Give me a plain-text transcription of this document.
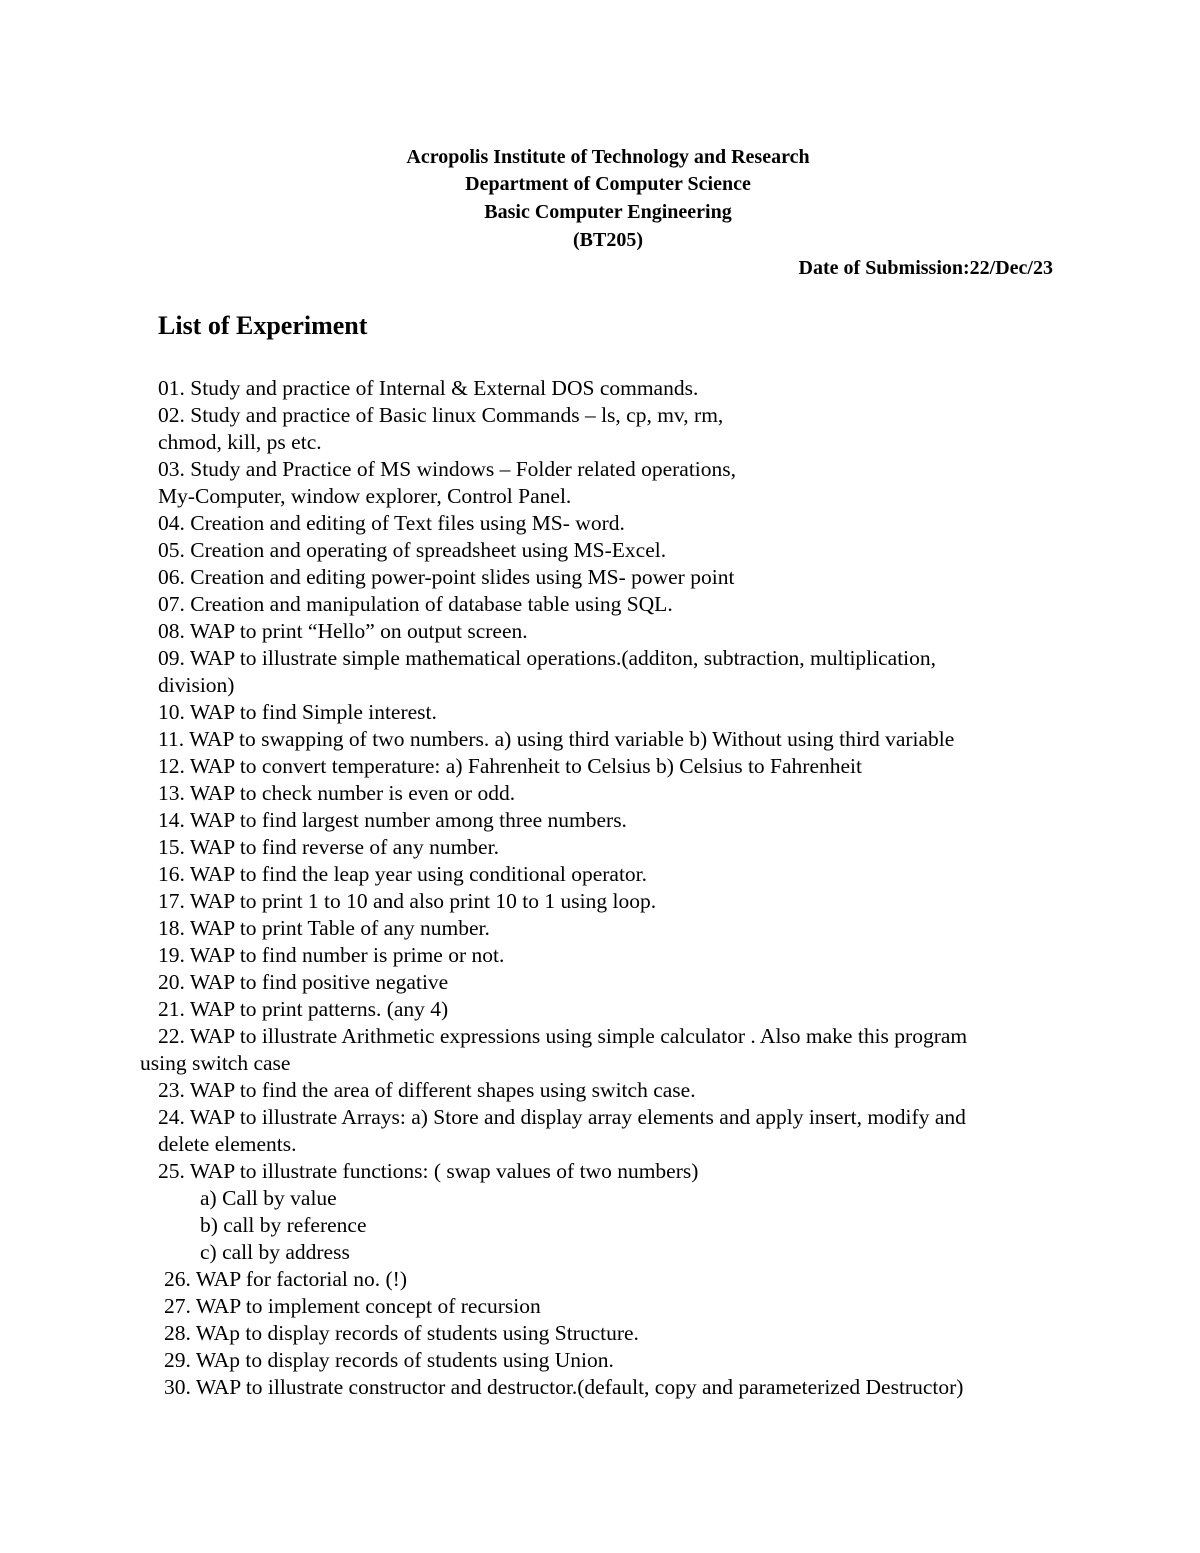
Acropolis Institute of Technology and Research
Department of Computer Science
Basic Computer Engineering
(BT205)
Date of Submission:22/Dec/23
List of Experiment
01. Study and practice of Internal & External DOS commands.
02. Study and practice of Basic linux Commands – ls, cp, mv, rm,
chmod, kill, ps etc.
03. Study and Practice of MS windows – Folder related operations,
My-Computer, window explorer, Control Panel.
04. Creation and editing of Text files using MS- word.
05. Creation and operating of spreadsheet using MS-Excel.
06. Creation and editing power-point slides using MS- power point
07. Creation and manipulation of database table using SQL.
08. WAP to print “Hello” on output screen.
09. WAP to illustrate simple mathematical operations.(additon, subtraction, multiplication,
division)
10. WAP to find Simple interest.
11. WAP to swapping of two numbers. a) using third variable b) Without using third variable
12. WAP to convert temperature: a) Fahrenheit to Celsius b) Celsius to Fahrenheit
13. WAP to check number is even or odd.
14. WAP to find largest number among three numbers.
15. WAP to find reverse of any number.
16. WAP to find the leap year using conditional operator.
17. WAP to print 1 to 10 and also print 10 to 1 using loop.
18. WAP to print Table of any number.
19. WAP to find number is prime or not.
20. WAP to find positive negative
21. WAP to print patterns. (any 4)
22. WAP to illustrate Arithmetic expressions using simple calculator . Also make this program
using switch case
23. WAP to find the area of different shapes using switch case.
24. WAP to illustrate Arrays: a) Store and display array elements and apply insert, modify and
delete elements.
25. WAP to illustrate functions: ( swap values of two numbers)
a) Call by value
b) call by reference
c) call by address
26. WAP for factorial no. (!)
27. WAP to implement concept of recursion
28. WAp to display records of students using Structure.
29. WAp to display records of students using Union.
30. WAP to illustrate constructor and destructor.(default, copy and parameterized Destructor)
